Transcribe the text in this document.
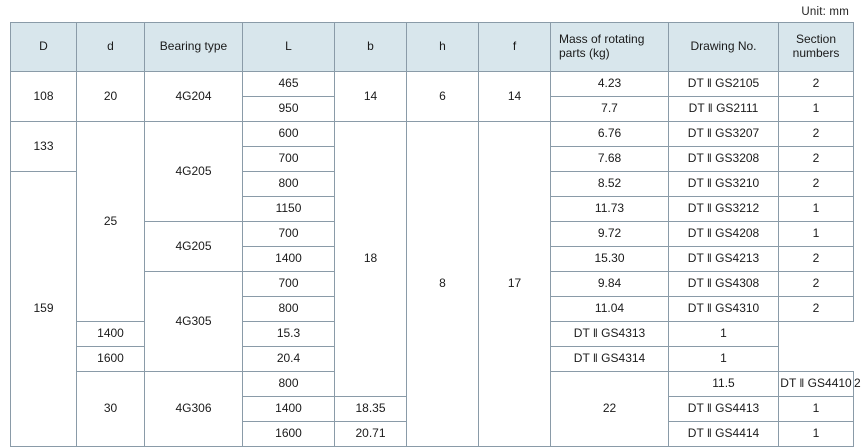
Unit: mm
D	d	Bearing type	L	b	h	f	Mass of rotating parts (kg)	Drawing No.	Section numbers	
108	20	4G204	465	14	6	14	4.23	DT ‖ GS2105	2	
			950				7.7	DT ‖ GS2111	1	
133	25	4G205	600	18	8	17	6.76	DT ‖ GS3207	2	
			700				7.68	DT ‖ GS3208	2	
159			800				8.52	DT ‖ GS3210	2	
			1150				11.73	DT ‖ GS3212	1	
		4G205	700				9.72	DT ‖ GS4208	1	
			1400				15.30	DT ‖ GS4213	2	
		4G305	700				9.84	DT ‖ GS4308	2	
			800				11.04	DT ‖ GS4310	2	
	1400		15.3				DT ‖ GS4313	1		
	1600		20.4				DT ‖ GS4314	1		
	30	4G306	800				22	11.5	DT ‖ GS4410	2
			1400	18.35				DT ‖ GS4413	1	
			1600	20.71				DT ‖ GS4414	1	
